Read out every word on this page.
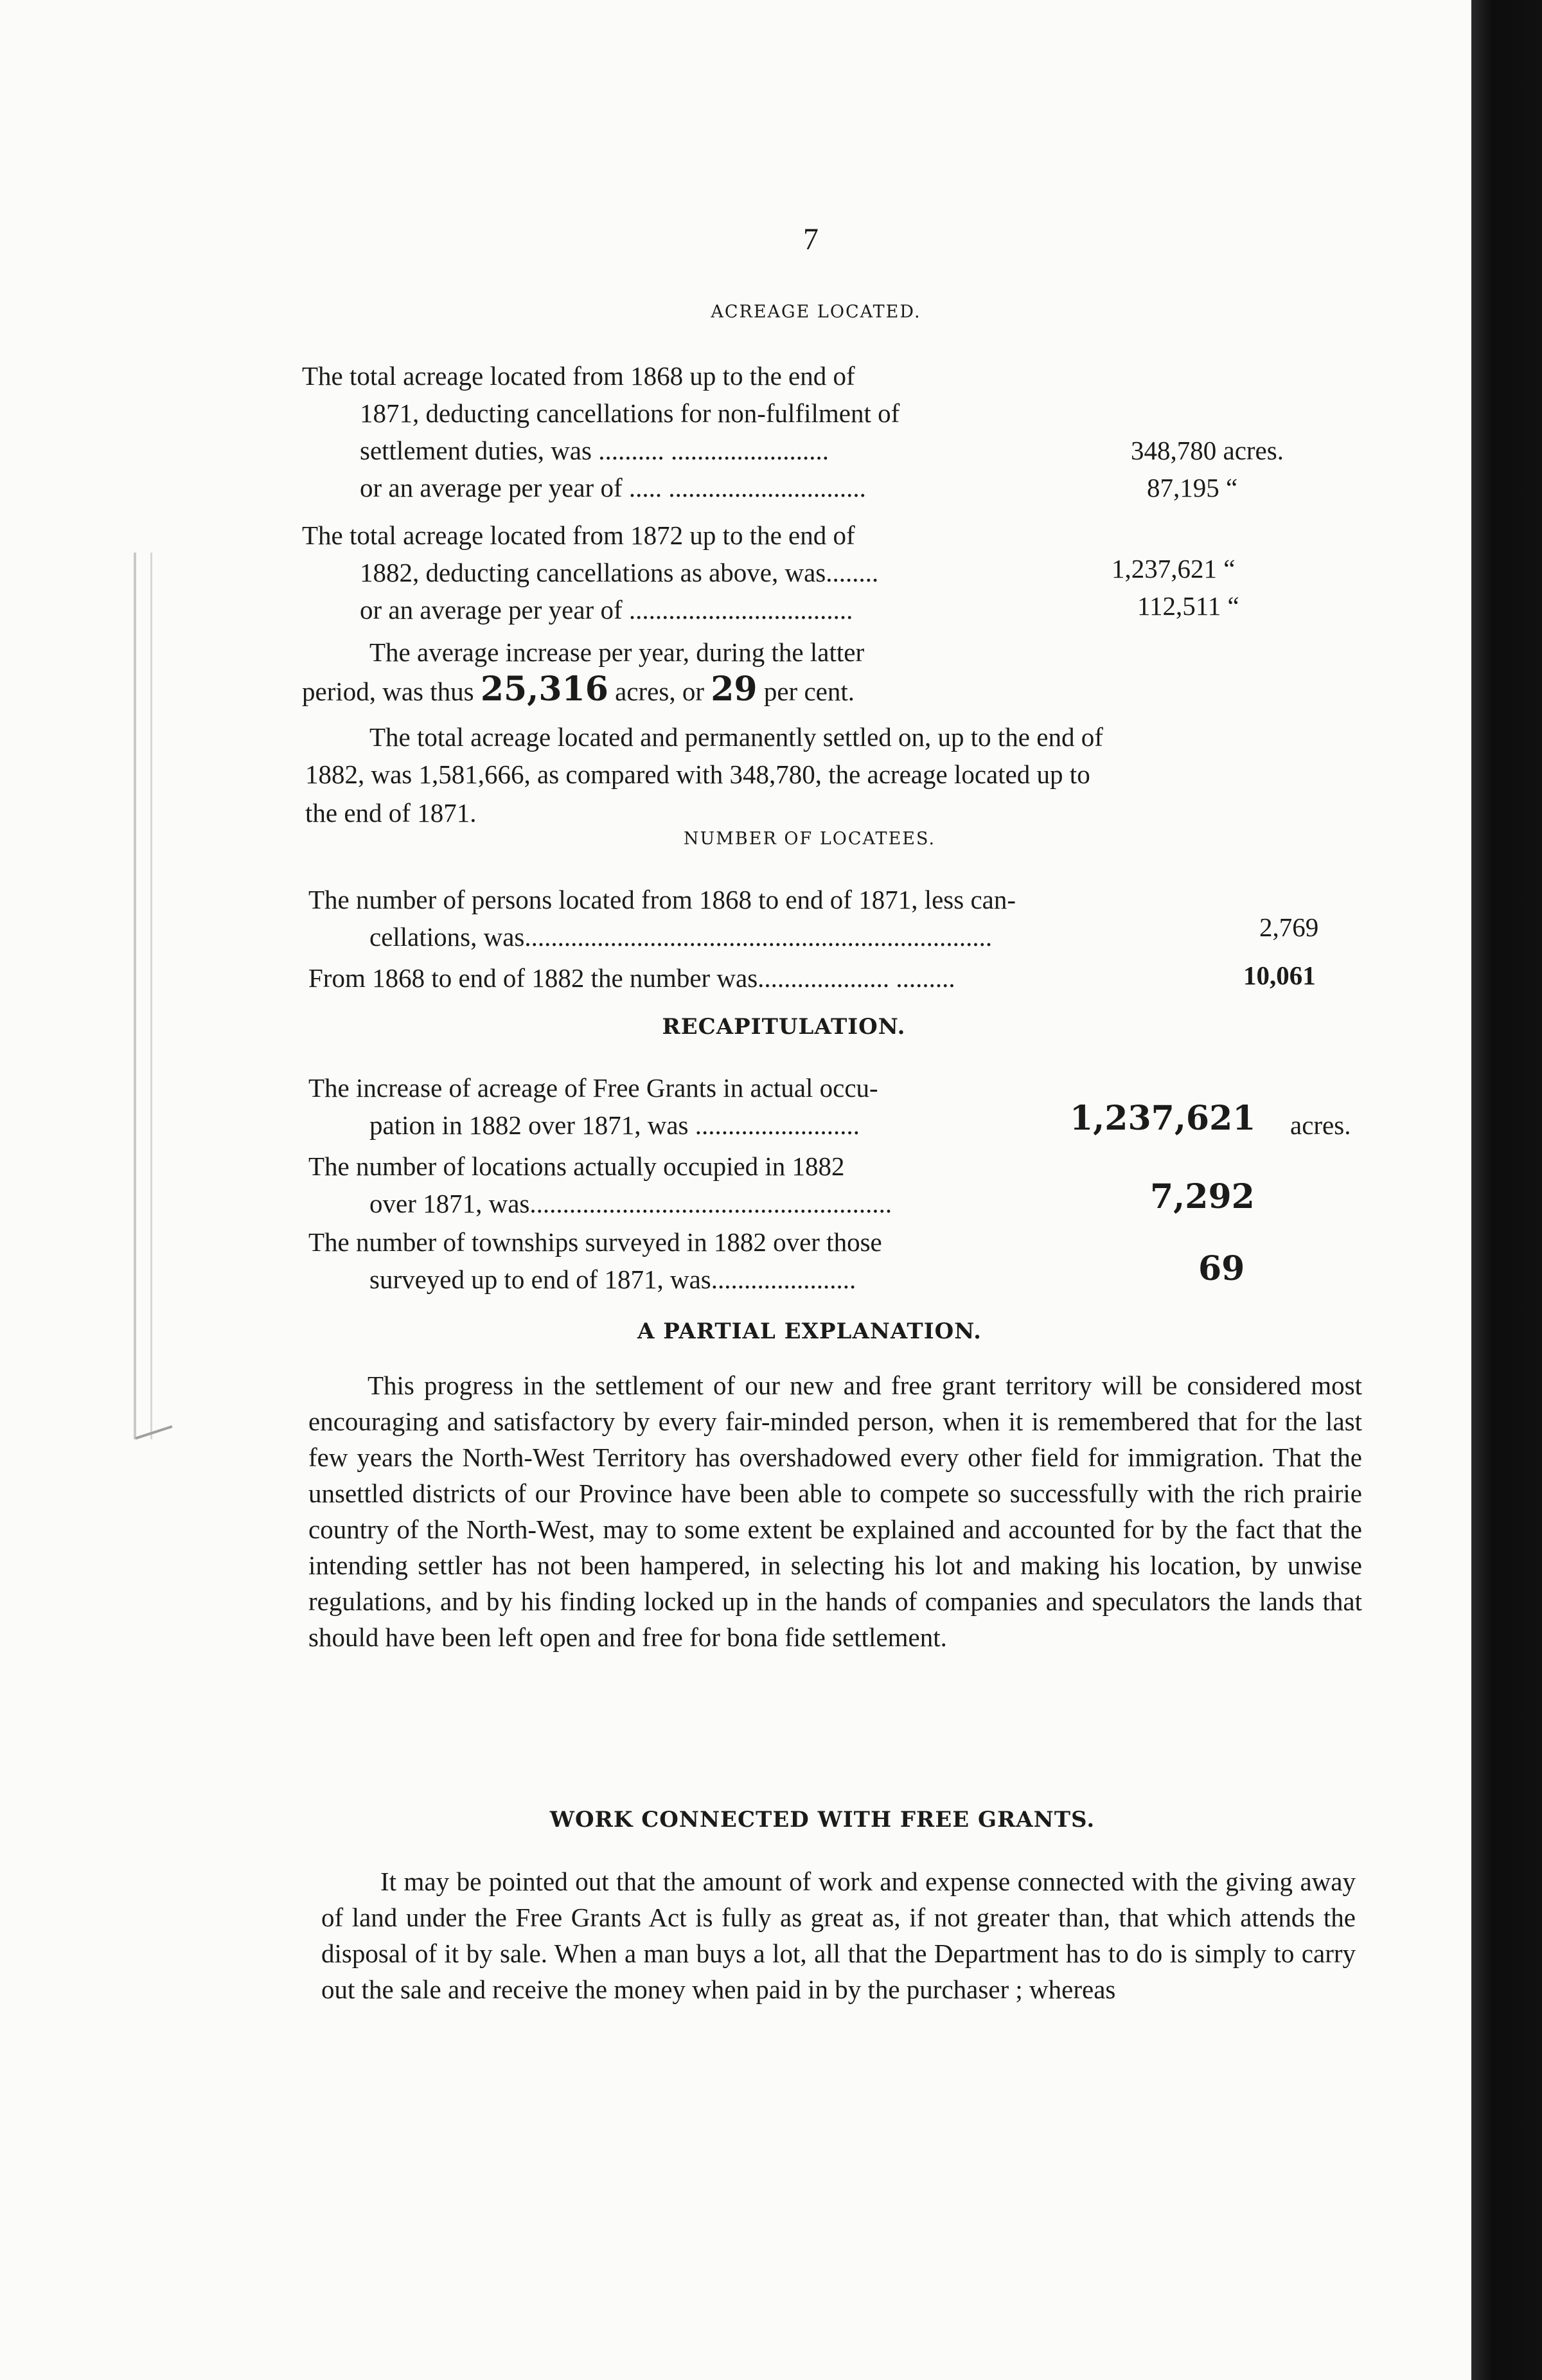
7
ACREAGE LOCATED.
The total acreage located from 1868 up to the end of
1871, deducting cancellations for non-fulfilment of
settlement duties, was .......... ........................	348,780 acres.
or an average per year of ..... ..............................	87,195 “
The total acreage located from 1872 up to the end of
1882, deducting cancellations as above, was........	1,237,621 “
or an average per year of ..................................	112,511 “
The average increase per year, during the latter
period, was thus 25,316 acres, or 29 per cent.
The total acreage located and permanently settled on, up to the end of
1882, was 1,581,666, as compared with 348,780, the acreage located up to
the end of 1871.
NUMBER OF LOCATEES.
The number of persons located from 1868 to end of 1871, less can-
cellations, was.......................................................................	2,769
From 1868 to end of 1882 the number was.................... .........	10,061
RECAPITULATION.
The increase of acreage of Free Grants in actual occu-
pation in 1882 over 1871, was .........................	1,237,621	acres.
The number of locations actually occupied in 1882
over 1871, was.......................................................	7,292
The number of townships surveyed in 1882 over those
surveyed up to end of 1871, was......................	69
A PARTIAL EXPLANATION.

This progress in the settlement of our new and free grant territory will be considered most encouraging and satisfactory by every fair-minded person, when it is remembered that for the last few years the North-West Territory has overshadowed every other field for immigration. That the unsettled districts of our Province have been able to compete so successfully with the rich prairie country of the North-West, may to some extent be explained and accounted for by the fact that the intending settler has not been hampered, in selecting his lot and making his location, by unwise regulations, and by his finding locked up in the hands of companies and speculators the lands that should have been left open and free for bona fide settlement.

WORK CONNECTED WITH FREE GRANTS.

It may be pointed out that the amount of work and expense connected with the giving away of land under the Free Grants Act is fully as great as, if not greater than, that which attends the disposal of it by sale. When a man buys a lot, all that the Department has to do is simply to carry out the sale and receive the money when paid in by the purchaser ; whereas
